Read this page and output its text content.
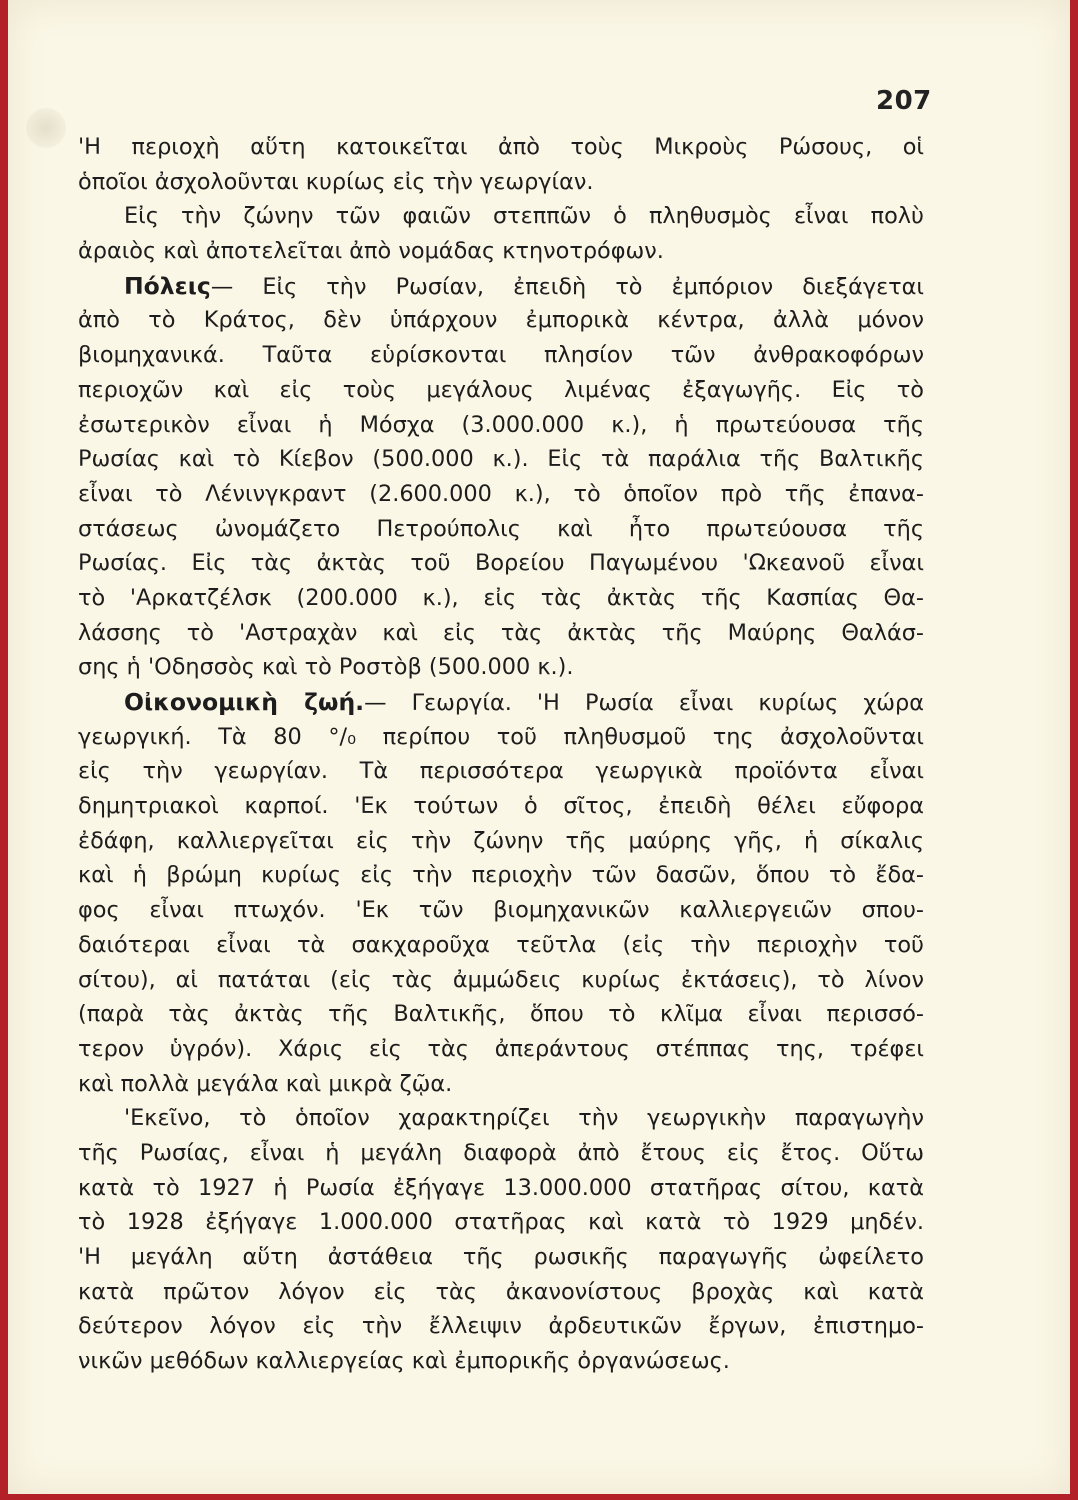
207
'Η περιοχὴ αὕτη κατοικεῖται ἀπὸ τοὺς Μικροὺς Ρώσους, οἱ
ὁποῖοι ἀσχολοῦνται κυρίως εἰς τὴν γεωργίαν.
Εἰς τὴν ζώνην τῶν φαιῶν στεππῶν ὁ πληθυσμὸς εἶναι πολὺ
ἀραιὸς καὶ ἀποτελεῖται ἀπὸ νομάδας κτηνοτρόφων.
Πόλεις— Εἰς τὴν Ρωσίαν, ἐπειδὴ τὸ ἐμπόριον διεξάγεται
ἀπὸ τὸ Κράτος, δὲν ὑπάρχουν ἐμπορικὰ κέντρα, ἀλλὰ μόνον
βιομηχανικά. Ταῦτα εὑρίσκονται πλησίον τῶν ἀνθρακοφόρων
περιοχῶν καὶ εἰς τοὺς μεγάλους λιμένας ἐξαγωγῆς. Εἰς τὸ
ἐσωτερικὸν εἶναι ἡ Μόσχα (3.000.000 κ.), ἡ πρωτεύουσα τῆς
Ρωσίας καὶ τὸ Κίεβον (500.000 κ.). Εἰς τὰ παράλια τῆς Βαλτικῆς
εἶναι τὸ Λένινγκραντ (2.600.000 κ.), τὸ ὁποῖον πρὸ τῆς ἐπανα-
στάσεως ὠνομάζετο Πετρούπολις καὶ ἦτο πρωτεύουσα τῆς
Ρωσίας. Εἰς τὰς ἀκτὰς τοῦ Βορείου Παγωμένου 'Ωκεανοῦ εἶναι
τὸ 'Αρκατζέλσκ (200.000 κ.), εἰς τὰς ἀκτὰς τῆς Κασπίας Θα-
λάσσης τὸ 'Αστραχὰν καὶ εἰς τὰς ἀκτὰς τῆς Μαύρης Θαλάσ-
σης ἡ 'Οδησσὸς καὶ τὸ Ροστὸβ (500.000 κ.).
Οἰκονομικὴ ζωή.— Γεωργία. 'Η Ρωσία εἶναι κυρίως χώρα
γεωργική. Τὰ 80 °/₀ περίπου τοῦ πληθυσμοῦ της ἀσχολοῦνται
εἰς τὴν γεωργίαν. Τὰ περισσότερα γεωργικὰ προϊόντα εἶναι
δημητριακοὶ καρποί. 'Εκ τούτων ὁ σῖτος, ἐπειδὴ θέλει εὔφορα
ἐδάφη, καλλιεργεῖται εἰς τὴν ζώνην τῆς μαύρης γῆς, ἡ σίκαλις
καὶ ἡ βρώμη κυρίως εἰς τὴν περιοχὴν τῶν δασῶν, ὅπου τὸ ἔδα-
φος εἶναι πτωχόν. 'Εκ τῶν βιομηχανικῶν καλλιεργειῶν σπου-
δαιότεραι εἶναι τὰ σακχαροῦχα τεῦτλα (εἰς τὴν περιοχὴν τοῦ
σίτου), αἱ πατάται (εἰς τὰς ἀμμώδεις κυρίως ἐκτάσεις), τὸ λίνον
(παρὰ τὰς ἀκτὰς τῆς Βαλτικῆς, ὅπου τὸ κλῖμα εἶναι περισσό-
τερον ὑγρόν). Χάρις εἰς τὰς ἀπεράντους στέππας της, τρέφει
καὶ πολλὰ μεγάλα καὶ μικρὰ ζῷα.
'Εκεῖνο, τὸ ὁποῖον χαρακτηρίζει τὴν γεωργικὴν παραγωγὴν
τῆς Ρωσίας, εἶναι ἡ μεγάλη διαφορὰ ἀπὸ ἔτους εἰς ἔτος. Οὕτω
κατὰ τὸ 1927 ἡ Ρωσία ἐξήγαγε 13.000.000 στατῆρας σίτου, κατὰ
τὸ 1928 ἐξήγαγε 1.000.000 στατῆρας καὶ κατὰ τὸ 1929 μηδέν.
'Η μεγάλη αὕτη ἀστάθεια τῆς ρωσικῆς παραγωγῆς ὠφείλετο
κατὰ πρῶτον λόγον εἰς τὰς ἀκανονίστους βροχὰς καὶ κατὰ
δεύτερον λόγον εἰς τὴν ἔλλειψιν ἀρδευτικῶν ἔργων, ἐπιστημο-
νικῶν μεθόδων καλλιεργείας καὶ ἐμπορικῆς ὀργανώσεως.
